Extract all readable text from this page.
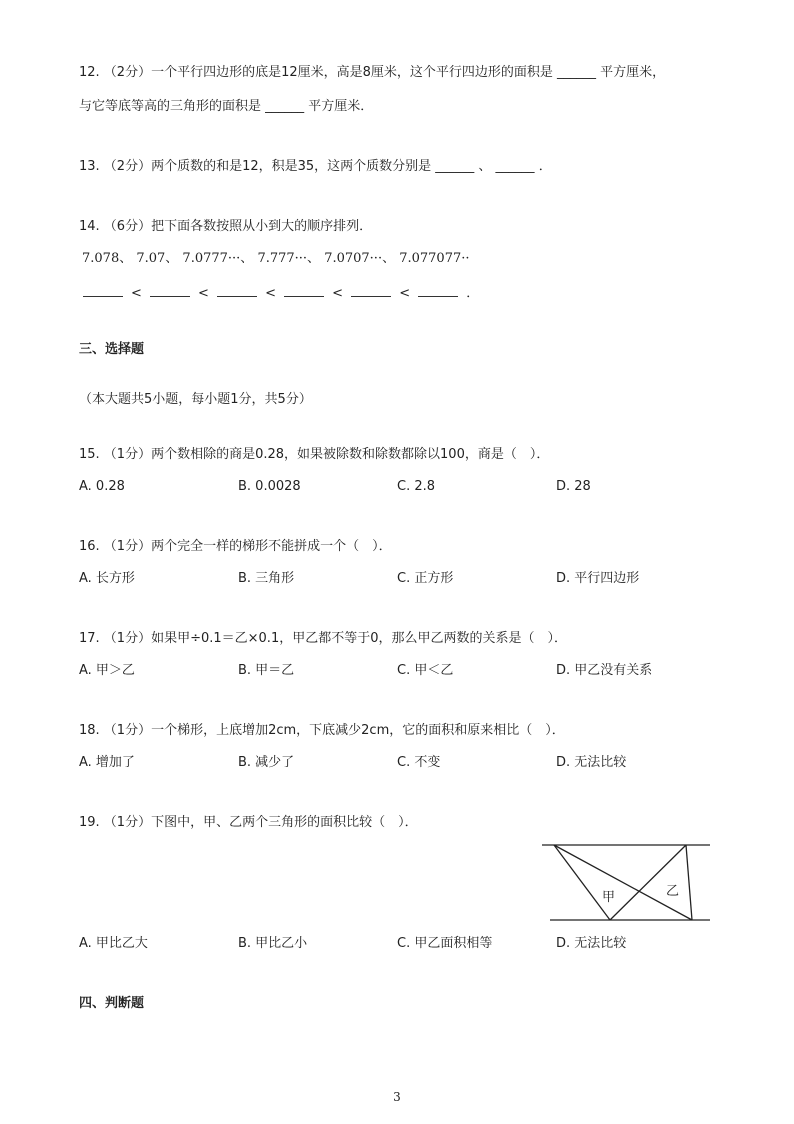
12. （2分）一个平行四边形的底是12厘米，高是8厘米，这个平行四边形的面积是 ______ 平方厘米，
与它等底等高的三角形的面积是 ______ 平方厘米．
13. （2分）两个质数的和是12，积是35，这两个质数分别是 ______ 、 ______ ．
14. （6分）把下面各数按照从小到大的顺序排列．
7.078、 7.07、 7.0777···、 7.777···、 7.0707···、 7.077077··
<	<	<	<	<	．
三、选择题
（本大题共5小题，每小题1分，共5分）
15. （1分）两个数相除的商是0.28，如果被除数和除数都除以100，商是（　）．
A. 0.28	B. 0.0028	C. 2.8	D. 28
16. （1分）两个完全一样的梯形不能拼成一个（　）．
A. 长方形	B. 三角形	C. 正方形	D. 平行四边形
17. （1分）如果甲÷0.1＝乙×0.1，甲乙都不等于0，那么甲乙两数的关系是（　）．
A. 甲＞乙	B. 甲＝乙	C. 甲＜乙	D. 甲乙没有关系
18. （1分）一个梯形，上底增加2cm，下底减少2cm，它的面积和原来相比（　）．
A. 增加了	B. 减少了	C. 不变	D. 无法比较
19. （1分）下图中，甲、乙两个三角形的面积比较（　）．
甲	乙
A. 甲比乙大	B. 甲比乙小	C. 甲乙面积相等	D. 无法比较
四、判断题
3
